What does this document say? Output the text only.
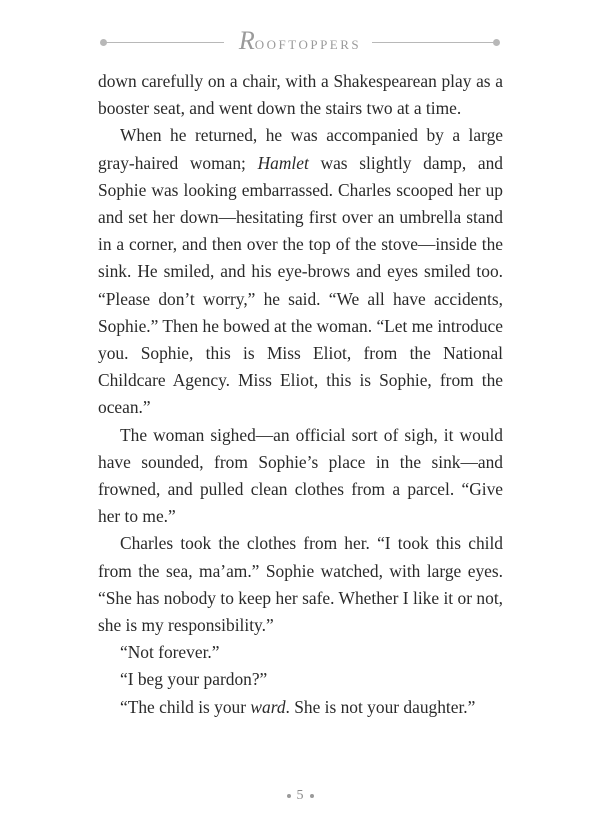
ROOFTOPPERS

down carefully on a chair, with a Shakespearean play as a booster seat, and went down the stairs two at a time.

When he returned, he was accompanied by a large gray-haired woman; Hamlet was slightly damp, and Sophie was looking embarrassed. Charles scooped her up and set her down—hesitating first over an umbrella stand in a corner, and then over the top of the stove—inside the sink. He smiled, and his eye-brows and eyes smiled too. “Please don’t worry,” he said. “We all have accidents, Sophie.” Then he bowed at the woman. “Let me introduce you. Sophie, this is Miss Eliot, from the National Childcare Agency. Miss Eliot, this is Sophie, from the ocean.”

The woman sighed—an official sort of sigh, it would have sounded, from Sophie’s place in the sink—and frowned, and pulled clean clothes from a parcel. “Give her to me.”

Charles took the clothes from her. “I took this child from the sea, ma’am.” Sophie watched, with large eyes. “She has nobody to keep her safe. Whether I like it or not, she is my responsibility.”

“Not forever.”

“I beg your pardon?”

“The child is your ward. She is not your daughter.”

5
